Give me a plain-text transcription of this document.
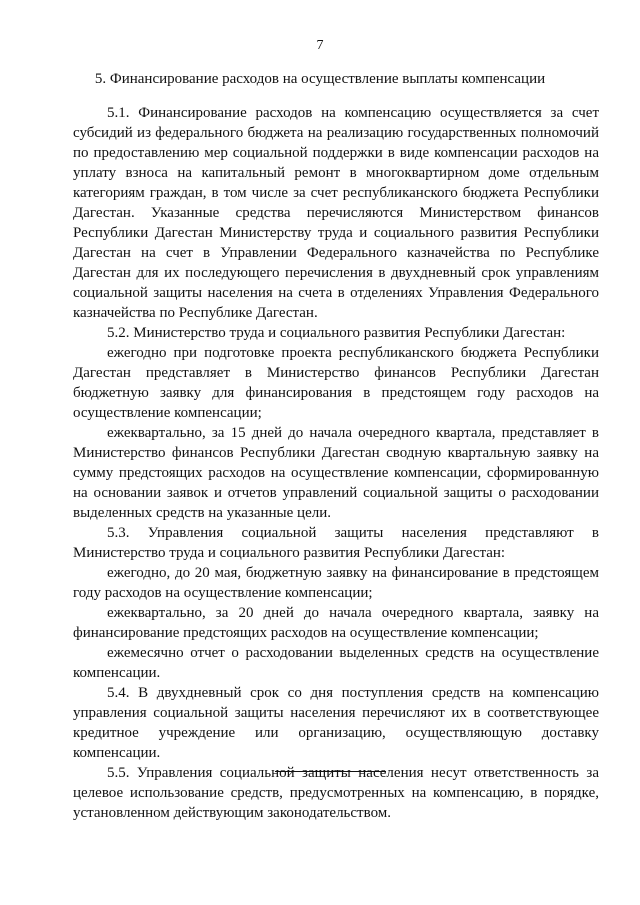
7
5. Финансирование расходов на осуществление выплаты компенсации

5.1. Финансирование расходов на компенсацию осуществляется за счет субсидий из федерального бюджета на реализацию государственных полномочий по предоставлению мер социальной поддержки в виде компенсации расходов на уплату взноса на капитальный ремонт в многоквартирном доме отдельным категориям граждан, в том числе за счет республиканского бюджета Республики Дагестан. Указанные средства перечисляются Министерством финансов Республики Дагестан Министерству труда и социального развития Республики Дагестан на счет в Управлении Федерального казначейства по Республике Дагестан для их последующего перечисления в двухдневный срок управлениям социальной защиты населения на счета в отделениях Управления Федерального казначейства по Республике Дагестан.

5.2. Министерство труда и социального развития Республики Дагестан:

ежегодно при подготовке проекта республиканского бюджета Республики Дагестан представляет в Министерство финансов Республики Дагестан бюджетную заявку для финансирования в предстоящем году расходов на осуществление компенсации;

ежеквартально, за 15 дней до начала очередного квартала, представляет в Министерство финансов Республики Дагестан сводную квартальную заявку на сумму предстоящих расходов на осуществление компенсации, сформированную на основании заявок и отчетов управлений социальной защиты о расходовании выделенных средств на указанные цели.

5.3. Управления социальной защиты населения представляют в Министерство труда и социального развития Республики Дагестан:

ежегодно, до 20 мая, бюджетную заявку на финансирование в предстоящем году расходов на осуществление компенсации;

ежеквартально, за 20 дней до начала очередного квартала, заявку на финансирование предстоящих расходов на осуществление компенсации;

ежемесячно отчет о расходовании выделенных средств на осуществление компенсации.

5.4. В двухдневный срок со дня поступления средств на компенсацию управления социальной защиты населения перечисляют их в соответствующее кредитное учреждение или организацию, осуществляющую доставку компенсации.

5.5. Управления социальной защиты населения несут ответственность за целевое использование средств, предусмотренных на компенсацию, в порядке, установленном действующим законодательством.
